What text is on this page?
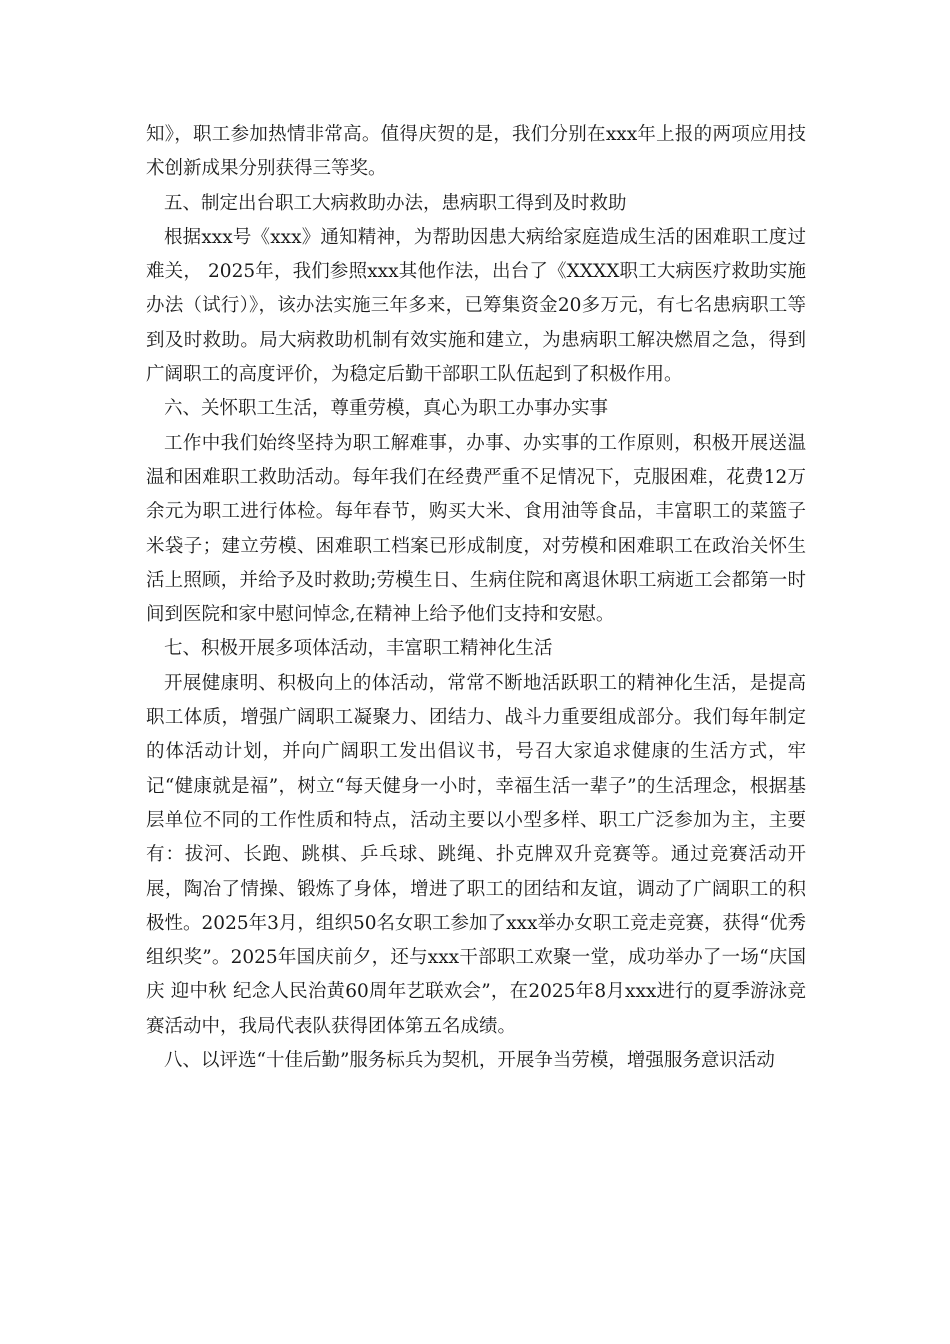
知》，职工参加热情非常高。值得庆贺的是，我们分别在xxx年上报的两项应用技术创新成果分别获得三等奖。

五、制定出台职工大病救助办法，患病职工得到及时救助

根据xxx号《xxx》通知精神，为帮助因患大病给家庭造成生活的困难职工度过难关， 2025年，我们参照xxx其他作法，出台了《XXXX职工大病医疗救助实施办法（试行）》，该办法实施三年多来，已筹集资金20多万元，有七名患病职工等到及时救助。局大病救助机制有效实施和建立，为患病职工解决燃眉之急，得到广阔职工的高度评价，为稳定后勤干部职工队伍起到了积极作用。

六、关怀职工生活，尊重劳模，真心为职工办事办实事

工作中我们始终坚持为职工解难事，办事、办实事的工作原则，积极开展送温温和困难职工救助活动。每年我们在经费严重不足情况下，克服困难，花费12万余元为职工进行体检。每年春节，购买大米、食用油等食品，丰富职工的菜篮子米袋子；建立劳模、困难职工档案已形成制度，对劳模和困难职工在政治关怀生活上照顾，并给予及时救助;劳模生日、生病住院和离退休职工病逝工会都第一时间到医院和家中慰问悼念,在精神上给予他们支持和安慰。

七、积极开展多项体活动，丰富职工精神化生活

开展健康明、积极向上的体活动，常常不断地活跃职工的精神化生活，是提高职工体质，增强广阔职工凝聚力、团结力、战斗力重要组成部分。我们每年制定的体活动计划，并向广阔职工发出倡议书，号召大家追求健康的生活方式，牢记“健康就是福”，树立“每天健身一小时，幸福生活一辈子”的生活理念，根据基层单位不同的工作性质和特点，活动主要以小型多样、职工广泛参加为主，主要有：拔河、长跑、跳棋、乒乓球、跳绳、扑克牌双升竞赛等。通过竞赛活动开展，陶冶了情操、锻炼了身体，增进了职工的团结和友谊，调动了广阔职工的积极性。2025年3月，组织50名女职工参加了xxx举办女职工竞走竞赛，获得“优秀组织奖”。2025年国庆前夕，还与xxx干部职工欢聚一堂，成功举办了一场“庆国庆 迎中秋 纪念人民治黄60周年艺联欢会”，在2025年8月xxx进行的夏季游泳竞赛活动中，我局代表队获得团体第五名成绩。

八、以评选“十佳后勤”服务标兵为契机，开展争当劳模，增强服务意识活动
